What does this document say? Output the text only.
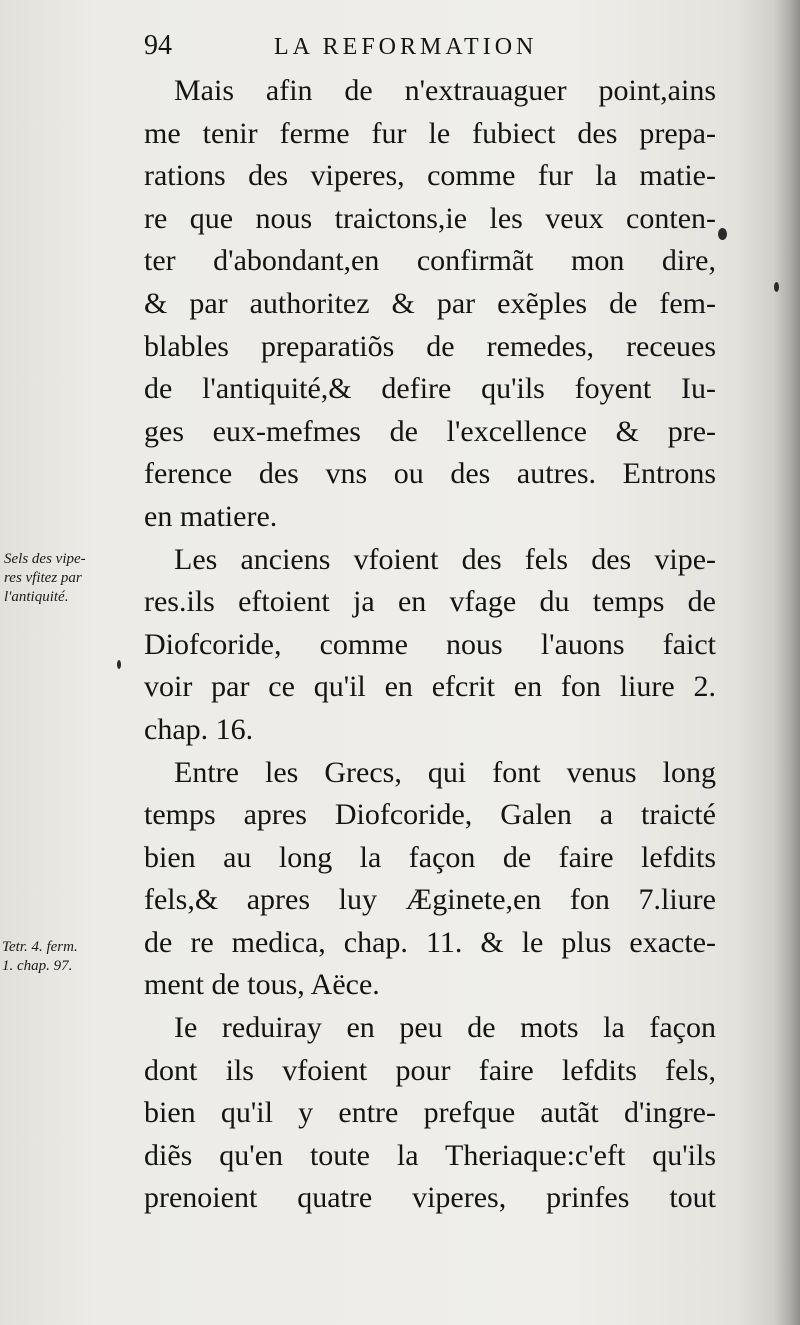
94	LA REFORMATION
Mais afin de n'extrauaguer point,ains
me tenir ferme fur le fubiect des prepa-
rations des viperes, comme fur la matie-
re que nous traictons,ie les veux conten-
ter d'abondant,en confirmãt mon dire,
& par authoritez & par exẽples de fem-
blables preparatiõs de remedes, receues
de l'antiquité,& defire qu'ils foyent Iu-
ges eux-mefmes de l'excellence & pre-
ference des vns ou des autres. Entrons
en matiere.
Les anciens vfoient des fels des vipe-
res.ils eftoient ja en vfage du temps de
Diofcoride, comme nous l'auons faict
voir par ce qu'il en efcrit en fon liure 2.
chap. 16.
Entre les Grecs, qui font venus long
temps apres Diofcoride, Galen a traicté
bien au long la façon de faire lefdits
fels,& apres luy Æginete,en fon 7.liure
de re medica, chap. 11. & le plus exacte-
ment de tous, Aëce.
Ie reduiray en peu de mots la façon
dont ils vfoient pour faire lefdits fels,
bien qu'il y entre prefque autãt d'ingre-
diẽs qu'en toute la Theriaque:c'eft qu'ils
prenoient quatre viperes, prinfes tout
Sels des vipe-
res vfitez par
l'antiquité.
Tetr. 4. ferm.
1. chap. 97.
